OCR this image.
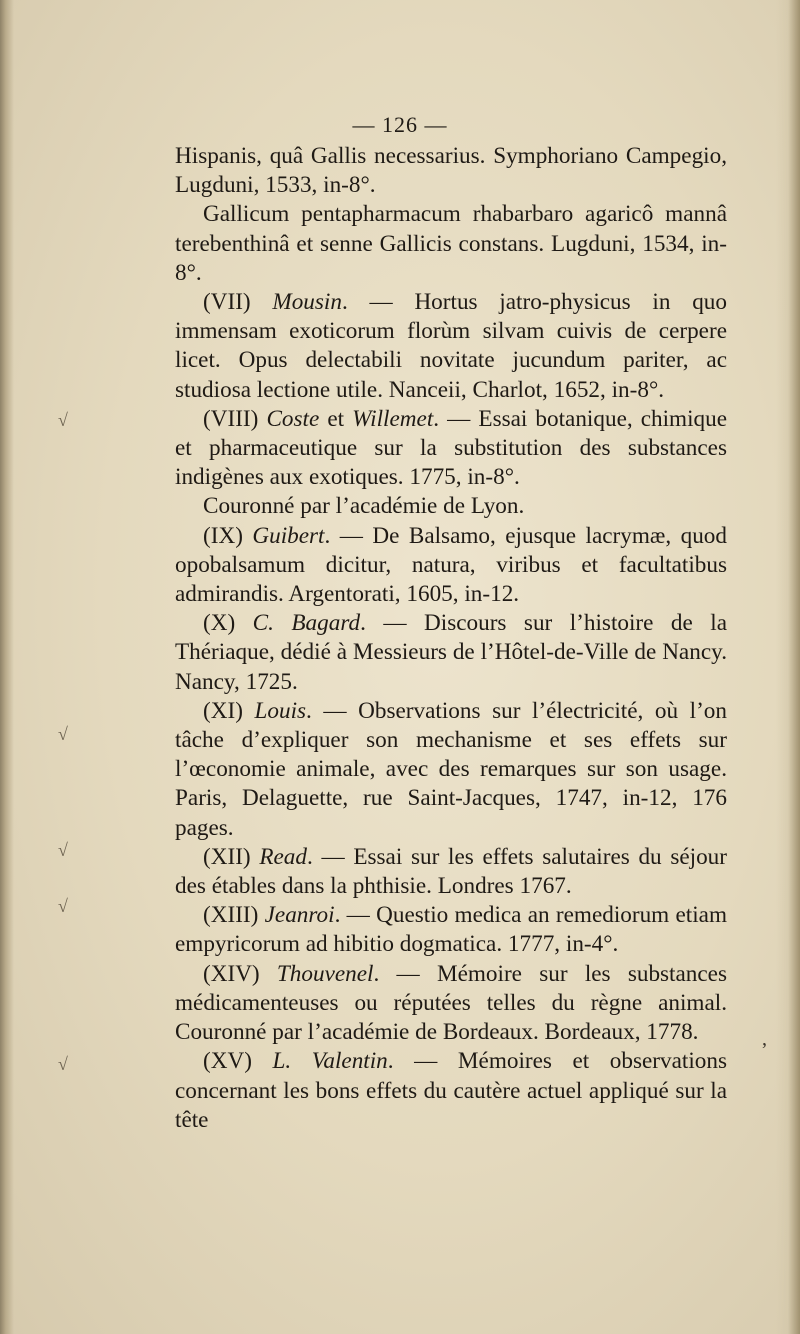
— 126 —
√
√
√
√
√
,

Hispanis, quâ Gallis necessarius. Symphoriano Campegio, Lugduni, 1533, in-8°.

Gallicum pentapharmacum rhabarbaro agaricô mannâ terebenthinâ et senne Gallicis constans. Lugduni, 1534, in-8°.

(VII) Mousin. — Hortus jatro-physicus in quo immensam exoticorum florùm silvam cuivis de cerpere licet. Opus delectabili novitate jucundum pariter, ac studiosa lectione utile. Nanceii, Charlot, 1652, in-8°.

(VIII) Coste et Willemet. — Essai botanique, chimique et pharmaceutique sur la substitution des substances indigènes aux exotiques. 1775, in-8°.

Couronné par l’académie de Lyon.

(IX) Guibert. — De Balsamo, ejusque lacrymæ, quod opobalsamum dicitur, natura, viribus et facultatibus admirandis. Argentorati, 1605, in-12.

(X) C. Bagard. — Discours sur l’histoire de la Thériaque, dédié à Messieurs de l’Hôtel-de-Ville de Nancy. Nancy, 1725.

(XI) Louis. — Observations sur l’électricité, où l’on tâche d’expliquer son mechanisme et ses effets sur l’œconomie animale, avec des remarques sur son usage. Paris, Delaguette, rue Saint-Jacques, 1747, in-12, 176 pages.

(XII) Read. — Essai sur les effets salutaires du séjour des étables dans la phthisie. Londres 1767.

(XIII) Jeanroi. — Questio medica an remediorum etiam empyricorum ad hibitio dogmatica. 1777, in-4°.

(XIV) Thouvenel. — Mémoire sur les substances médicamenteuses ou réputées telles du règne animal. Couronné par l’académie de Bordeaux. Bordeaux, 1778.

(XV) L. Valentin. — Mémoires et observations concernant les bons effets du cautère actuel appliqué sur la tête
